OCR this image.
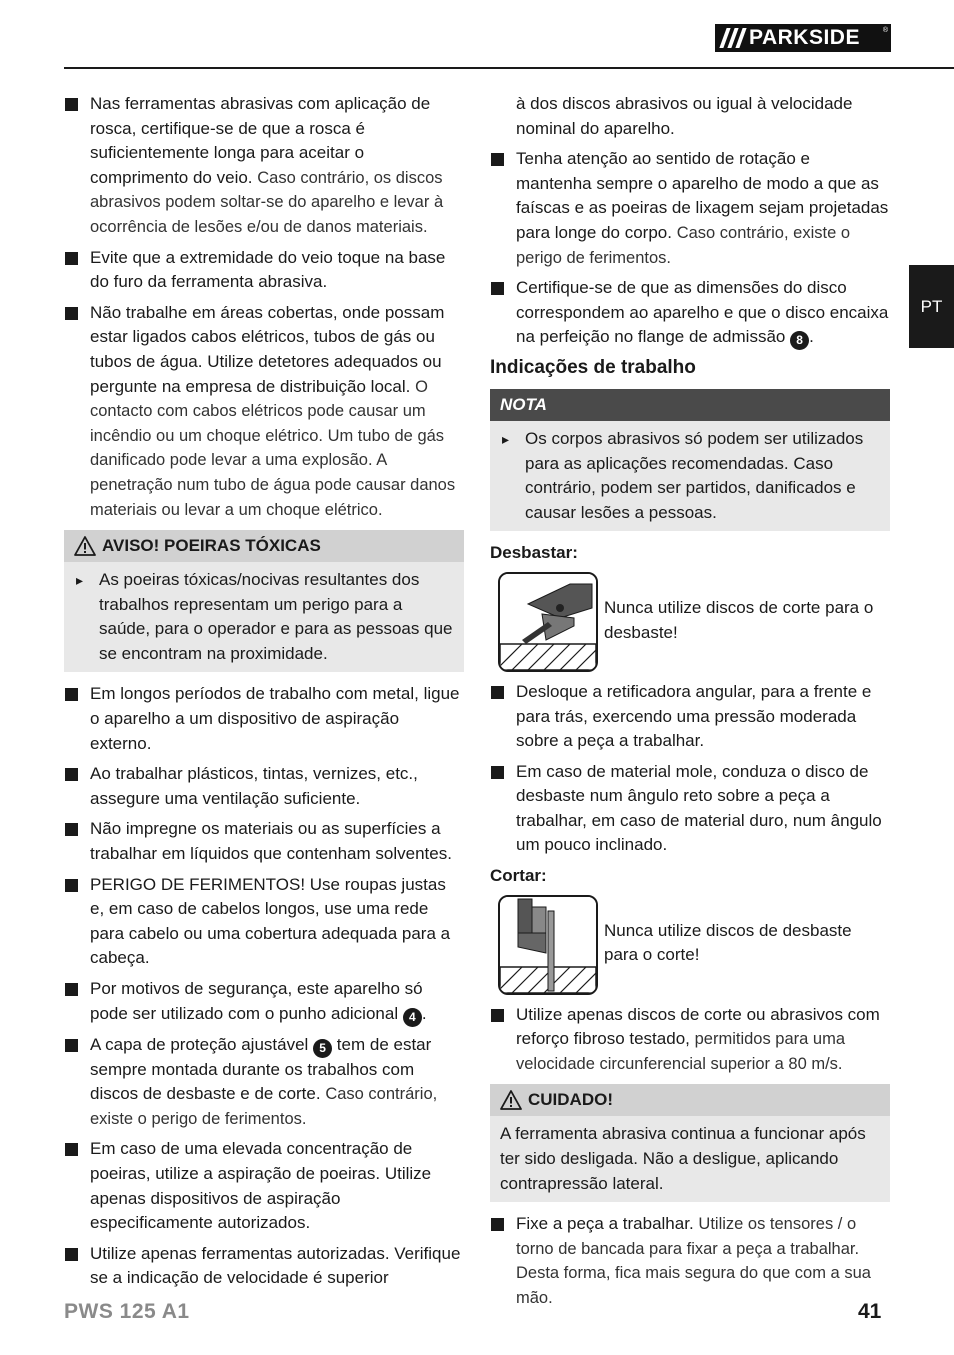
PARKSIDE	®
PT
Nas ferramentas abrasivas com aplicação de rosca, certifique-se de que a rosca é suficientemente longa para aceitar o comprimento do veio. Caso contrário, os discos abrasivos podem soltar-se do aparelho e levar à ocorrência de lesões e/ou de danos materiais.
Evite que a extremidade do veio toque na base do furo da ferramenta abrasiva.
Não trabalhe em áreas cobertas, onde possam estar ligados cabos elétricos, tubos de gás ou tubos de água. Utilize detetores adequados ou pergunte na empresa de distribuição local. O contacto com cabos elétricos pode causar um incêndio ou um choque elétrico. Um tubo de gás danificado pode levar a uma explosão. A penetração num tubo de água pode causar danos materiais ou levar a um choque elétrico.
AVISO! POEIRAS TÓXICAS
▸ As poeiras tóxicas/nocivas resultantes dos trabalhos representam um perigo para a saúde, para o operador e para as pessoas que se encontram na proximidade.
Em longos períodos de trabalho com metal, ligue o aparelho a um dispositivo de aspiração externo.
Ao trabalhar plásticos, tintas, vernizes, etc., assegure uma ventilação suficiente.
Não impregne os materiais ou as superfícies a trabalhar em líquidos que contenham solventes.
PERIGO DE FERIMENTOS! Use roupas justas e, em caso de cabelos longos, use uma rede para cabelo ou uma cobertura adequada para a cabeça.
Por motivos de segurança, este aparelho só pode ser utilizado com o punho adicional 4 .
A capa de proteção ajustável 5 tem de estar sempre montada durante os trabalhos com discos de desbaste e de corte. Caso contrário, existe o perigo de ferimentos.
Em caso de uma elevada concentração de poeiras, utilize a aspiração de poeiras. Utilize apenas dispositivos de aspiração especificamente autorizados.
Utilize apenas ferramentas autorizadas. Verifique se a indicação de velocidade é superior
à dos discos abrasivos ou igual à velocidade nominal do aparelho.
Tenha atenção ao sentido de rotação e mantenha sempre o aparelho de modo a que as faíscas e as poeiras de lixagem sejam projetadas para longe do corpo. Caso contrário, existe o perigo de ferimentos.
Certifique-se de que as dimensões do disco correspondem ao aparelho e que o disco encaixa na perfeição no flange de admissão 8 .
Indicações de trabalho
NOTA
▸ Os corpos abrasivos só podem ser utilizados para as aplicações recomendadas. Caso contrário, podem ser partidos, danificados e causar lesões a pessoas.
Desbastar:
Nunca utilize discos de corte para o desbaste!
Desloque a retificadora angular, para a frente e para trás, exercendo uma pressão moderada sobre a peça a trabalhar.
Em caso de material mole, conduza o disco de desbaste num ângulo reto sobre a peça a trabalhar, em caso de material duro, num ângulo um pouco inclinado.
Cortar:
Nunca utilize discos de desbaste para o corte!
Utilize apenas discos de corte ou abrasivos com reforço fibroso testado, permitidos para uma velocidade circunferencial superior a 80 m/s.
CUIDADO!
A ferramenta abrasiva continua a funcionar após ter sido desligada. Não a desligue, aplicando contrapressão lateral.
Fixe a peça a trabalhar. Utilize os tensores / o torno de bancada para fixar a peça a trabalhar. Desta forma, fica mais segura do que com a sua mão.
PWS 125 A1	41
